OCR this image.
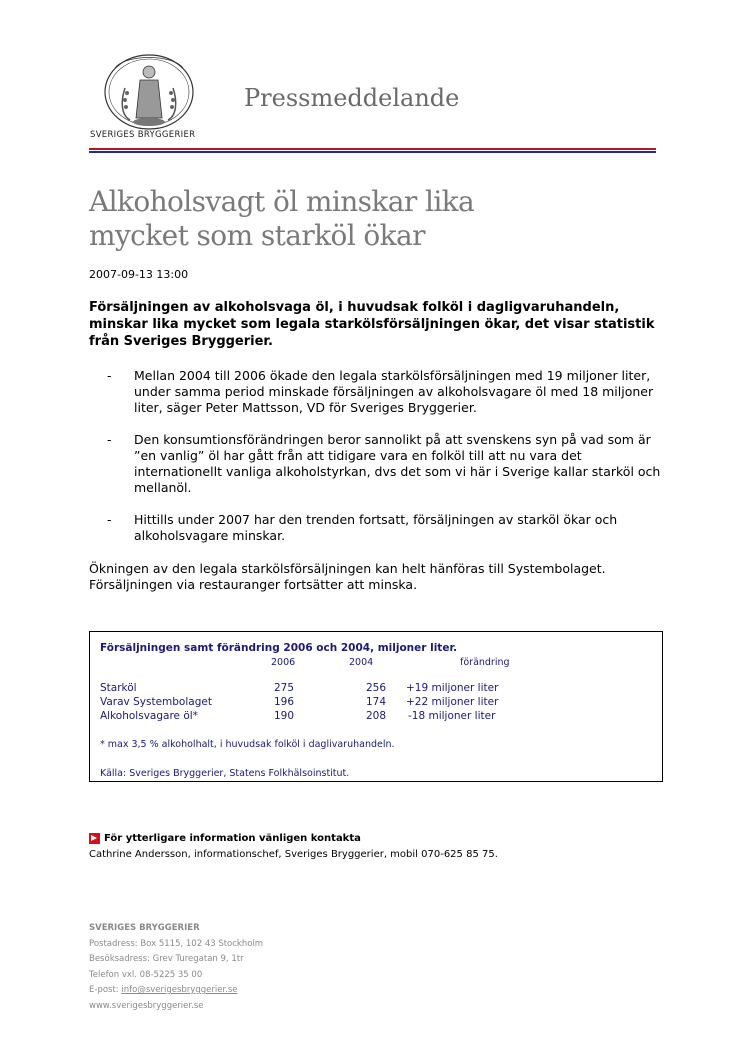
SVERIGES BRYGGERIER
Pressmeddelande
Alkoholsvagt öl minskar lika
mycket som starköl ökar
2007-09-13 13:00
Försäljningen av alkoholsvaga öl, i huvudsak folköl i dagligvaruhandeln, minskar lika mycket som legala starkölsförsäljningen ökar, det visar statistik från Sveriges Bryggerier.
- Mellan 2004 till 2006 ökade den legala starkölsförsäljningen med 19 miljoner liter, under samma period minskade försäljningen av alkoholsvagare öl med 18 miljoner liter, säger Peter Mattsson, VD för Sveriges Bryggerier.
- Den konsumtionsförändringen beror sannolikt på att svenskens syn på vad som är ”en vanlig” öl har gått från att tidigare vara en folköl till att nu vara det internationellt vanliga alkoholstyrkan, dvs det som vi här i Sverige kallar starköl och mellanöl.
- Hittills under 2007 har den trenden fortsatt, försäljningen av starköl ökar och alkoholsvagare minskar.
Ökningen av den legala starkölsförsäljningen kan helt hänföras till Systembolaget. Försäljningen via restauranger fortsätter att minska.
Försäljningen samt förändring 2006 och 2004, miljoner liter.
2006	2004	förändring
Starköl	275	256 +19 miljoner liter
Varav Systembolaget	196	174 +22 miljoner liter
Alkoholsvagare öl*	190	208 -18 miljoner liter
* max 3,5 % alkoholhalt, i huvudsak folköl i daglivaruhandeln.
Källa: Sveriges Bryggerier, Statens Folkhälsoinstitut.
För ytterligare information vänligen kontakta
Cathrine Andersson, informationschef, Sveriges Bryggerier, mobil 070-625 85 75.
SVERIGES BRYGGERIER
Postadress: Box 5115, 102 43 Stockholm
Besöksadress: Grev Turegatan 9, 1tr
Telefon vxl. 08-5225 35 00
E-post: info@sverigesbryggerier.se
www.sverigesbryggerier.se
